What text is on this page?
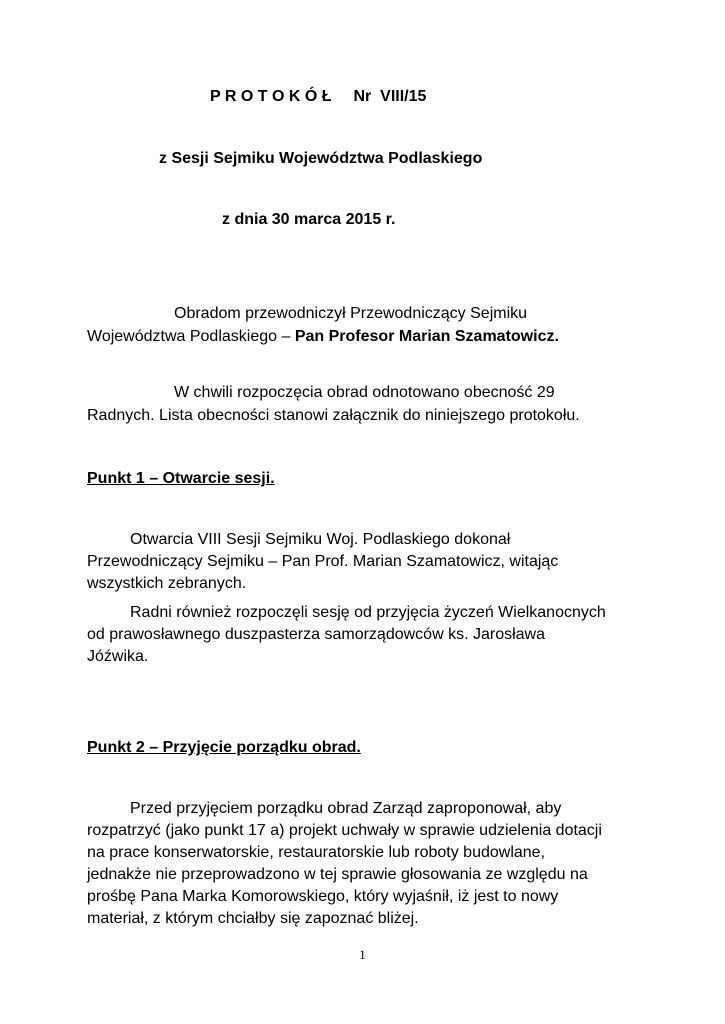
P R O T O K Ó Ł Nr  VIII/15
z Sesji Sejmiku Województwa Podlaskiego
z dnia 30 marca 2015 r.
Obradom przewodniczył Przewodniczący Sejmiku
Województwa Podlaskiego – Pan Profesor Marian Szamatowicz.
W chwili rozpoczęcia obrad odnotowano obecność 29
Radnych. Lista obecności stanowi załącznik do niniejszego protokołu.
Punkt 1 – Otwarcie sesji.
Otwarcia VIII Sesji Sejmiku Woj. Podlaskiego dokonał
Przewodniczący Sejmiku – Pan Prof. Marian Szamatowicz, witając
wszystkich zebranych.
Radni również rozpoczęli sesję od przyjęcia życzeń Wielkanocnych
od prawosławnego duszpasterza samorządowców ks. Jarosława
Jóźwika.
Punkt 2 – Przyjęcie porządku obrad.
Przed przyjęciem porządku obrad Zarząd zaproponował, aby
rozpatrzyć (jako punkt 17 a) projekt uchwały w sprawie udzielenia dotacji
na prace konserwatorskie, restauratorskie lub roboty budowlane,
jednakże nie przeprowadzono w tej sprawie głosowania ze względu na
prośbę Pana Marka Komorowskiego, który wyjaśnił, iż jest to nowy
materiał, z którym chciałby się zapoznać bliżej.
1
